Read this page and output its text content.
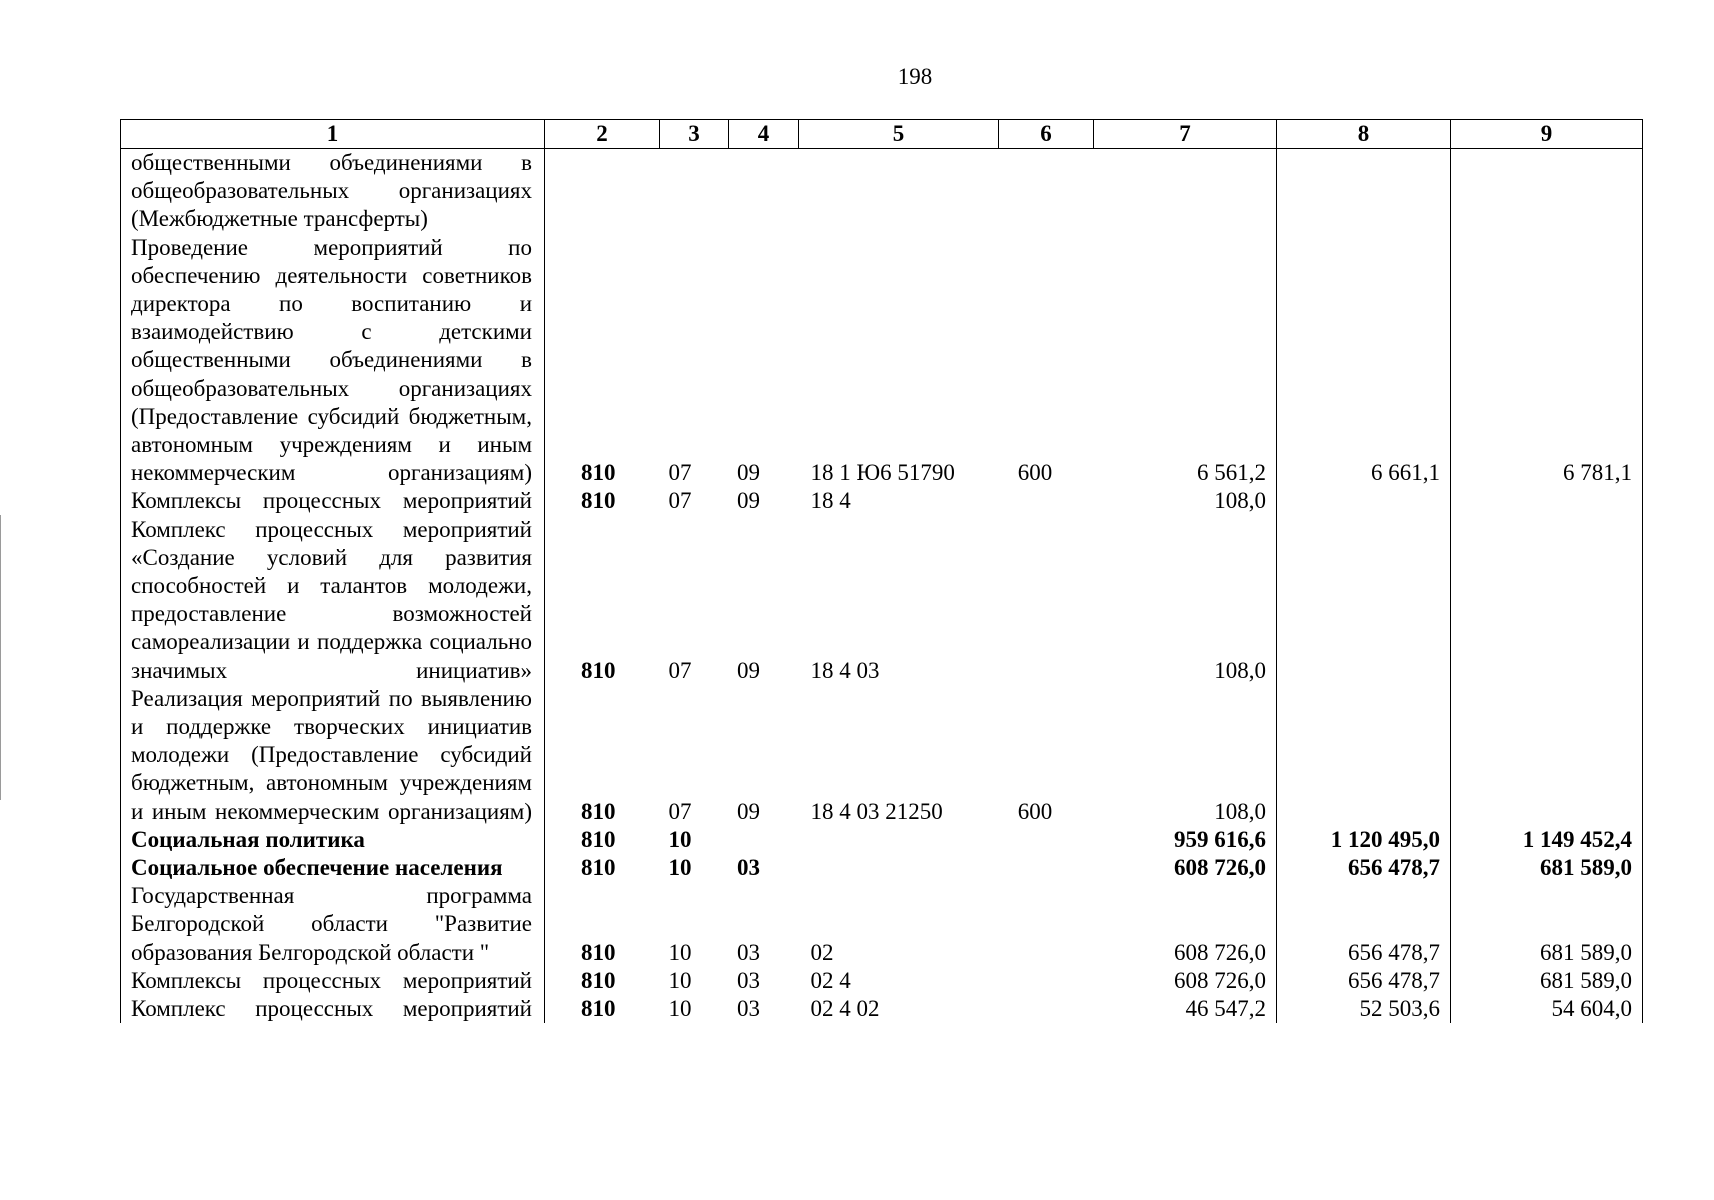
198
1	2	3	4	5	6	7	8	9
общественными объединениями в общеобразовательных организациях (Межбюджетные трансферты)								
Проведение мероприятий по обеспечению деятельности советников директора по воспитанию и взаимодействию с детскими общественными объединениями в общеобразовательных организациях (Предоставление субсидий бюджетным, автономным учреждениям и иным некоммерческим организациям)	810	07	09	18 1 Ю6 51790	600	6 561,2	6 661,1	6 781,1
Комплексы процессных мероприятий	810	07	09	18 4		108,0		
Комплекс процессных мероприятий «Создание условий для развития способностей и талантов молодежи, предоставление возможностей самореализации и поддержка социально значимых инициатив»	810	07	09	18 4 03		108,0		
Реализация мероприятий по выявлению и поддержке творческих инициатив молодежи (Предоставление субсидий бюджетным, автономным учреждениям и иным некоммерческим организациям)	810	07	09	18 4 03 21250	600	108,0		
Социальная политика	810	10				959 616,6	1 120 495,0	1 149 452,4
Социальное обеспечение населения	810	10	03			608 726,0	656 478,7	681 589,0
Государственная программа Белгородской области "Развитие образования Белгородской области "	810	10	03	02		608 726,0	656 478,7	681 589,0
Комплексы процессных мероприятий	810	10	03	02 4		608 726,0	656 478,7	681 589,0
Комплекс процессных мероприятий	810	10	03	02 4 02		46 547,2	52 503,6	54 604,0
